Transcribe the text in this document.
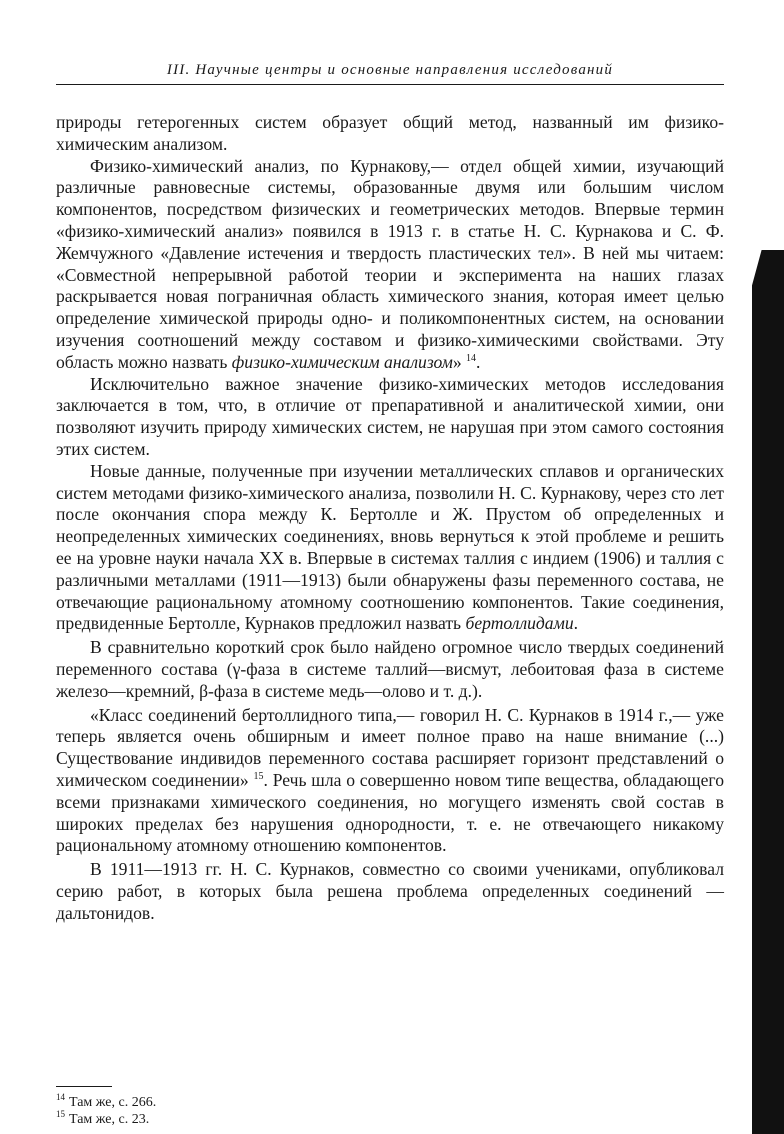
III. Научные центры и основные направления исследований

природы гетерогенных систем образует общий метод, названный им физико-химическим анализом.

Физико-химический анализ, по Курнакову,— отдел общей химии, изучающий различные равновесные системы, образованные двумя или большим числом компонентов, посредством физических и геометрических методов. Впервые термин «физико-химический анализ» появился в 1913 г. в статье Н. С. Курнакова и С. Ф. Жемчужного «Давление истечения и твердость пластических тел». В ней мы читаем: «Совместной непрерывной работой теории и эксперимента на наших глазах раскрывается новая пограничная область химического знания, которая имеет целью определение химической природы одно- и поликомпонентных систем, на основании изучения соотношений между составом и физико-химическими свойствами. Эту область можно назвать физико-химическим анализом» $^{14}$.

Исключительно важное значение физико-химических методов исследования заключается в том, что, в отличие от препаративной и аналитической химии, они позволяют изучить природу химических систем, не нарушая при этом самого состояния этих систем.

Новые данные, полученные при изучении металлических сплавов и органических систем методами физико-химического анализа, позволили Н. С. Курнакову, через сто лет после окончания спора между К. Бертолле и Ж. Прустом об определенных и неопределенных химических соединениях, вновь вернуться к этой проблеме и решить ее на уровне науки начала XX в. Впервые в системах таллия с индием (1906) и таллия с различными металлами (1911—1913) были обнаружены фазы переменного состава, не отвечающие рациональному атомному соотношению компонентов. Такие соединения, предвиденные Бертолле, Курнаков предложил назвать бертоллидами.

В сравнительно короткий срок было найдено огромное число твердых соединений переменного состава (γ-фаза в системе таллий—висмут, лебоитовая фаза в системе железо—кремний, β-фаза в системе медь—олово и т. д.).

«Класс соединений бертоллидного типа,— говорил Н. С. Курнаков в 1914 г.,— уже теперь является очень обширным и имеет полное право на наше внимание (...) Существование индивидов переменного состава расширяет горизонт представлений о химическом соединении» $^{15}$. Речь шла о совершенно новом типе вещества, обладающего всеми признаками химического соединения, но могущего изменять свой состав в широких пределах без нарушения однородности, т. е. не отвечающего никакому рациональному атомному отношению компонентов.

В 1911—1913 гг. Н. С. Курнаков, совместно со своими учениками, опубликовал серию работ, в которых была решена проблема определенных соединений — дальтонидов.

$^{14}$ Там же, с. 266.
$^{15}$ Там же, с. 23.
